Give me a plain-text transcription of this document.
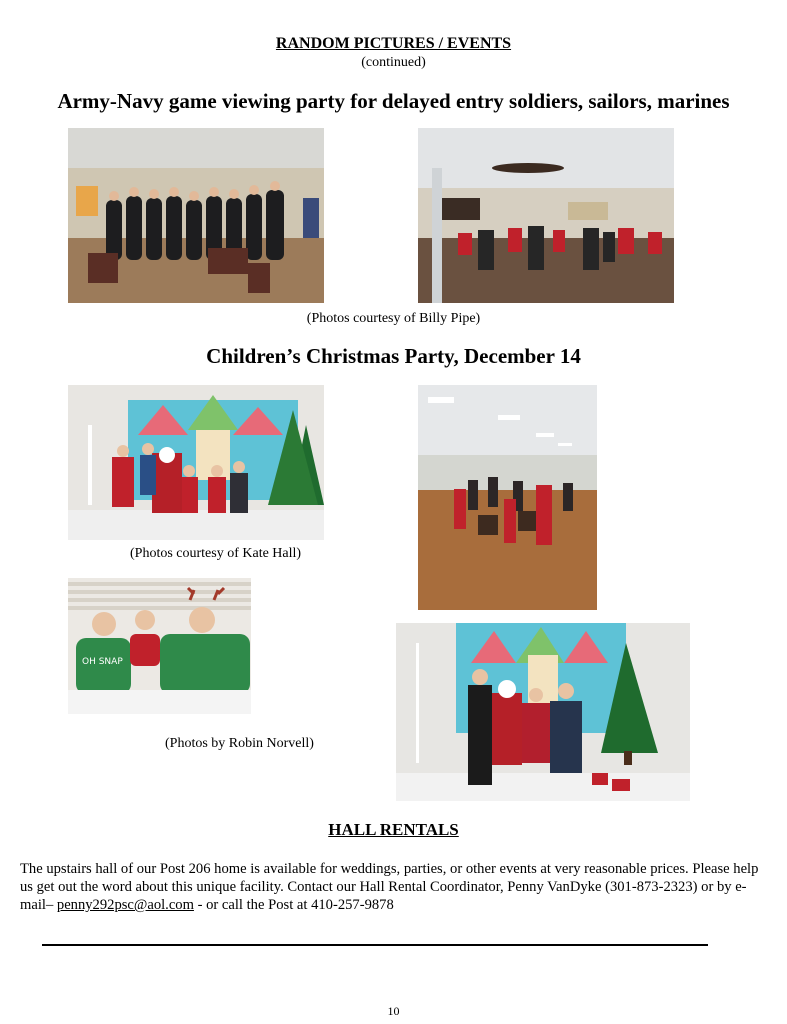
RANDOM PICTURES / EVENTS
(continued)
Army-Navy game viewing party for delayed entry soldiers, sailors, marines
(Photos courtesy of Billy Pipe)
Children’s Christmas Party, December 14
(Photos courtesy of Kate Hall)
OH SNAP
(Photos by Robin Norvell)
HALL RENTALS
The upstairs hall of our Post 206 home is available for weddings, parties, or other events at very reasonable prices. Please help us get out the word about this unique facility. Contact our Hall Rental Coordinator, Penny VanDyke (301-873-2323) or by e-mail– penny292psc@aol.com - or call the Post at 410-257-9878
10
